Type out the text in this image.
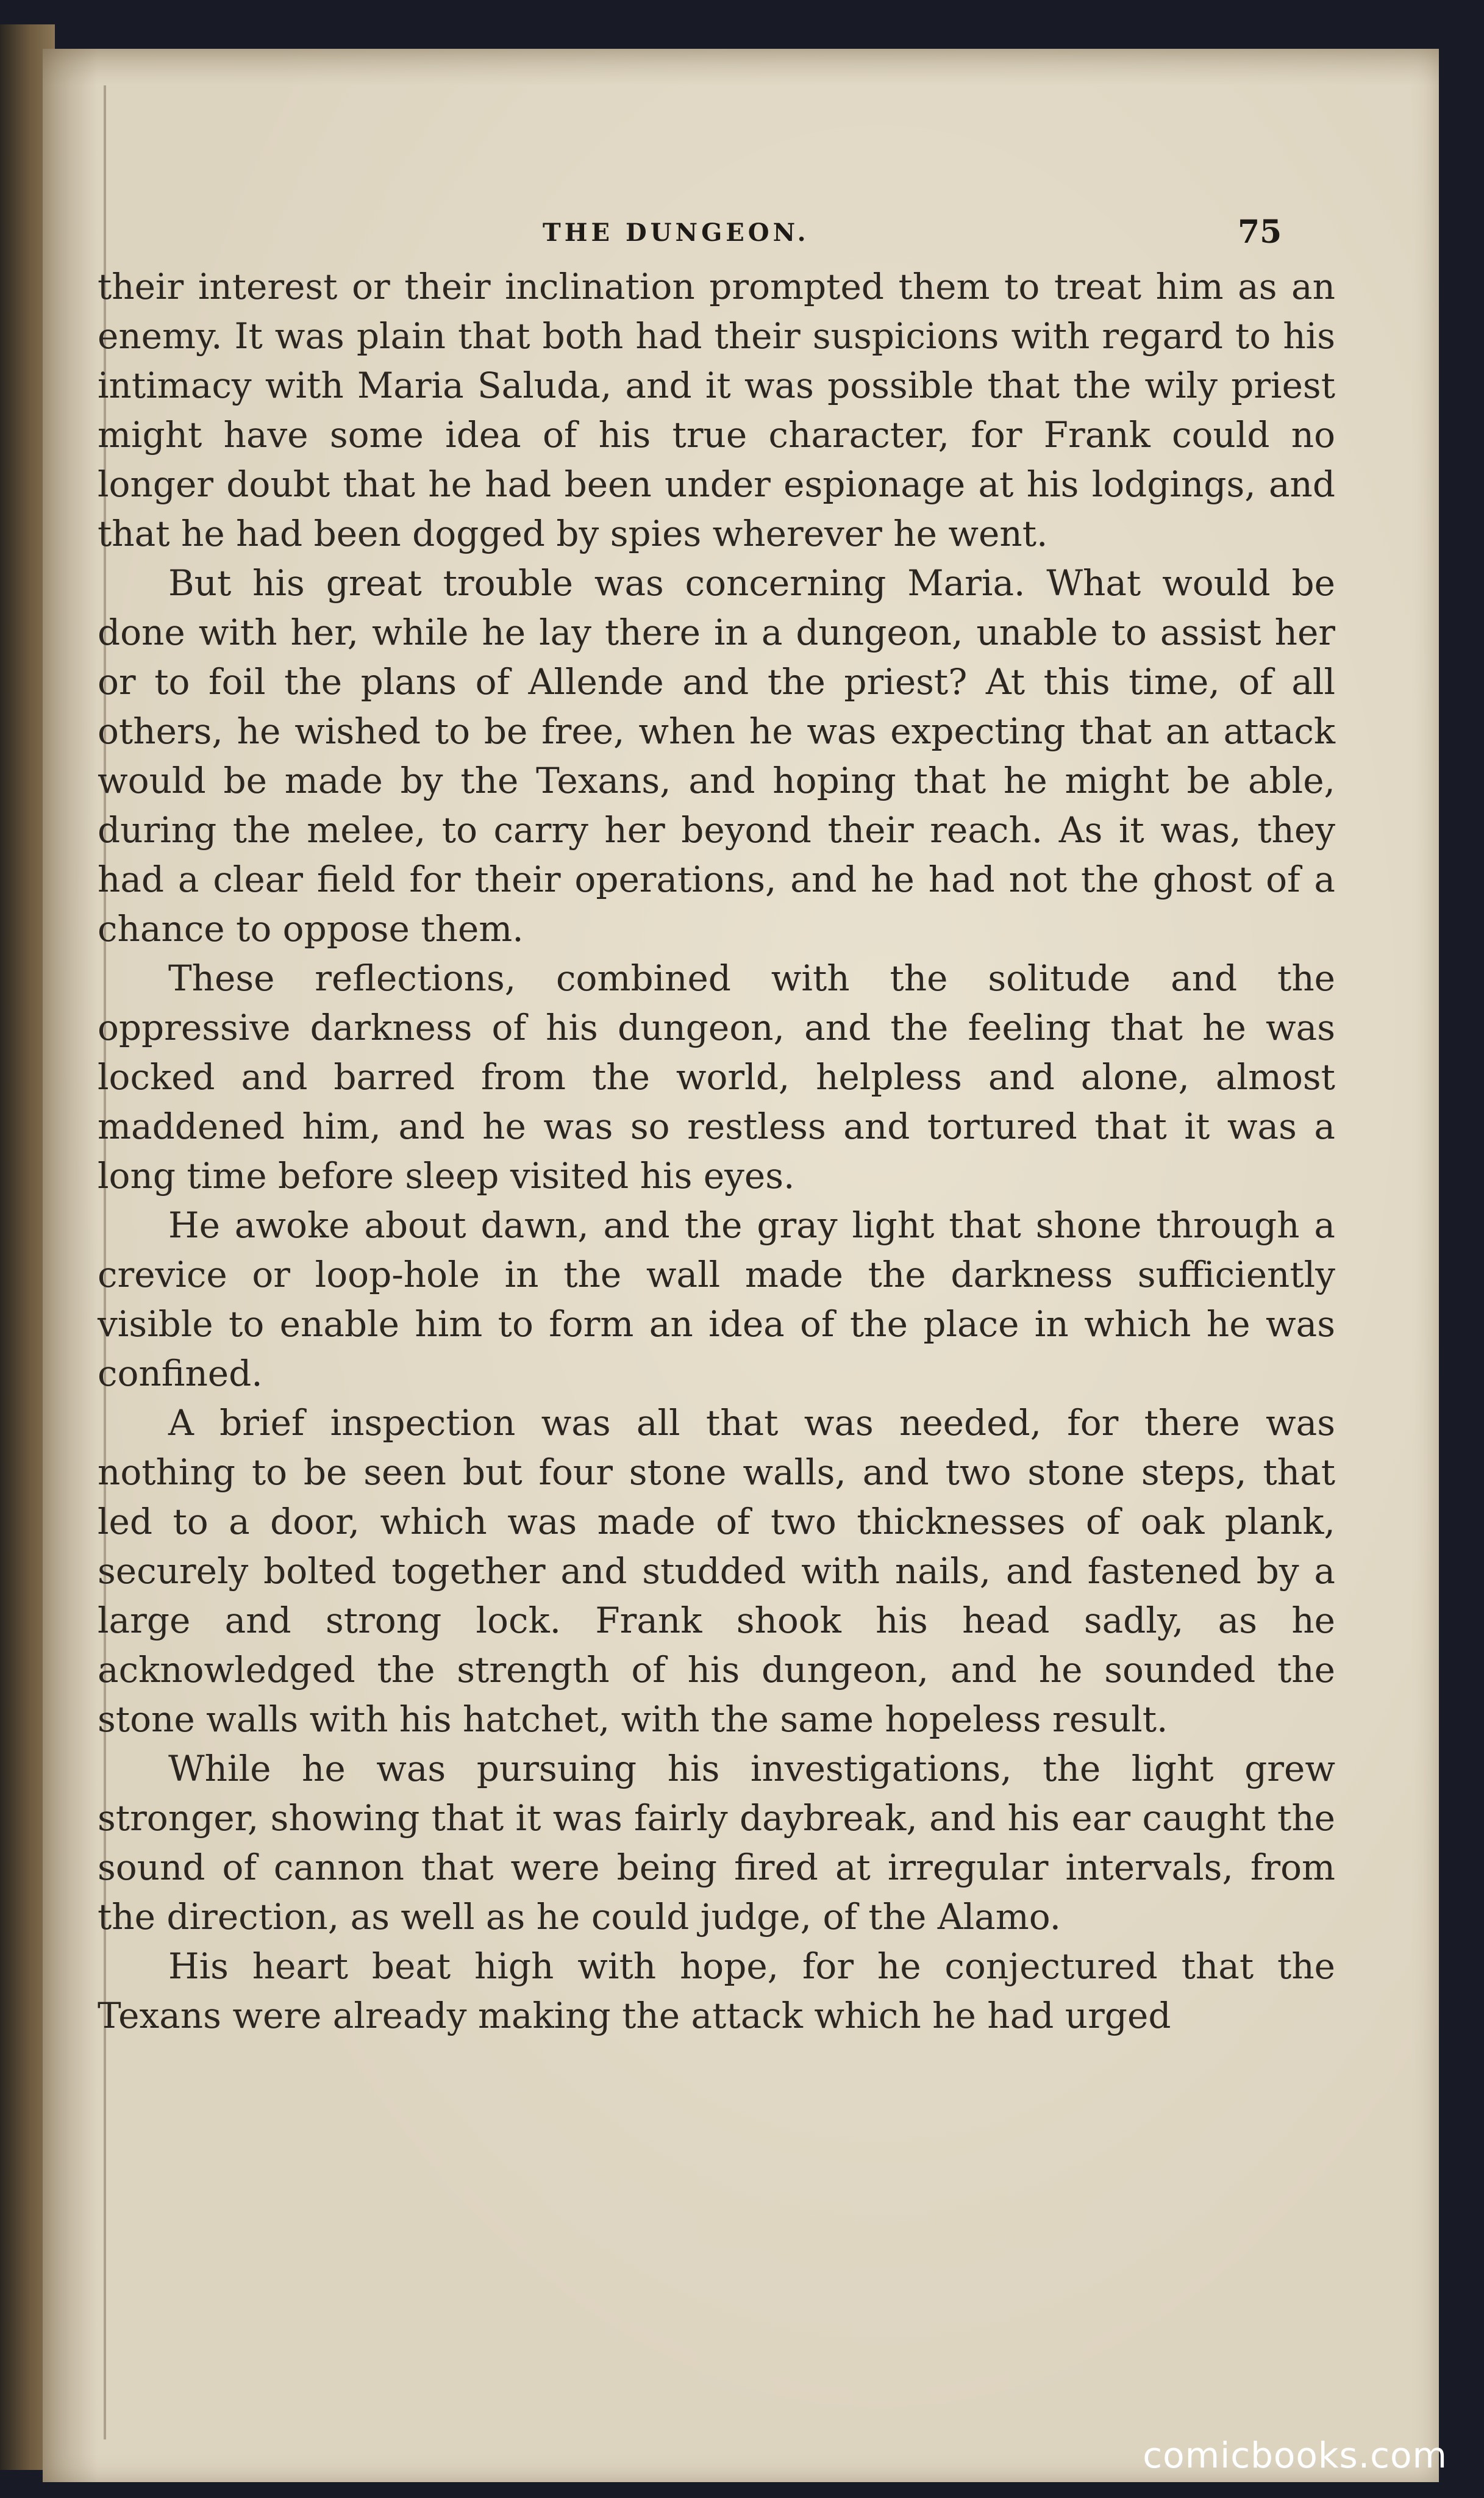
THE DUNGEON.	75

their interest or their inclination prompted them to treat him as an enemy. It was plain that both had their suspicions with regard to his intimacy with Maria Saluda, and it was possible that the wily priest might have some idea of his true character, for Frank could no longer doubt that he had been under espionage at his lodgings, and that he had been dogged by spies wherever he went.

But his great trouble was concerning Maria. What would be done with her, while he lay there in a dungeon, unable to assist her or to foil the plans of Allende and the priest? At this time, of all others, he wished to be free, when he was expecting that an attack would be made by the Texans, and hoping that he might be able, during the melee, to carry her beyond their reach. As it was, they had a clear field for their operations, and he had not the ghost of a chance to oppose them.

These reflections, combined with the solitude and the oppressive darkness of his dungeon, and the feeling that he was locked and barred from the world, helpless and alone, almost maddened him, and he was so restless and tortured that it was a long time before sleep visited his eyes.

He awoke about dawn, and the gray light that shone through a crevice or loop-hole in the wall made the darkness sufficiently visible to enable him to form an idea of the place in which he was confined.

A brief inspection was all that was needed, for there was nothing to be seen but four stone walls, and two stone steps, that led to a door, which was made of two thicknesses of oak plank, securely bolted together and studded with nails, and fastened by a large and strong lock. Frank shook his head sadly, as he acknowledged the strength of his dungeon, and he sounded the stone walls with his hatchet, with the same hopeless result.

While he was pursuing his investigations, the light grew stronger, showing that it was fairly daybreak, and his ear caught the sound of cannon that were being fired at irregular intervals, from the direction, as well as he could judge, of the Alamo.

His heart beat high with hope, for he conjectured that the Texans were already making the attack which he had urged

comicbooks.com
